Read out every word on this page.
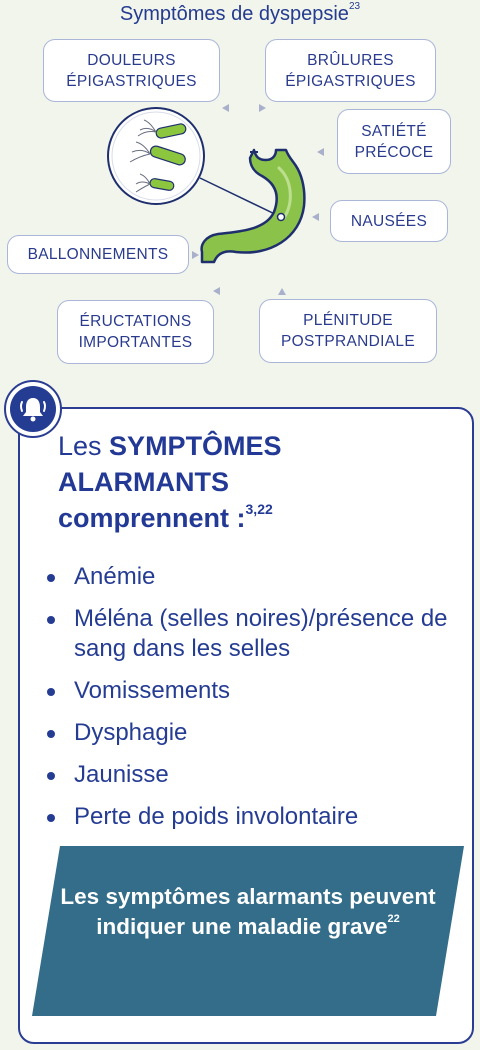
Symptômes de dyspepsie$^{23}$
DOULEURS
ÉPIGASTRIQUES
BRÛLURES
ÉPIGASTRIQUES
SATIÉTÉ
PRÉCOCE
NAUSÉES
BALLONNEMENTS
ÉRUCTATIONS
IMPORTANTES
PLÉNITUDE
POSTPRANDIALE
Les SYMPTÔMES ALARMANTS
comprennent :$^{3,22}$
Anémie
Méléna (selles noires)/présence de sang dans les selles
Vomissements
Dysphagie
Jaunisse
Perte de poids involontaire
Les symptômes alarmants peuvent indiquer une maladie grave$^{22}$
